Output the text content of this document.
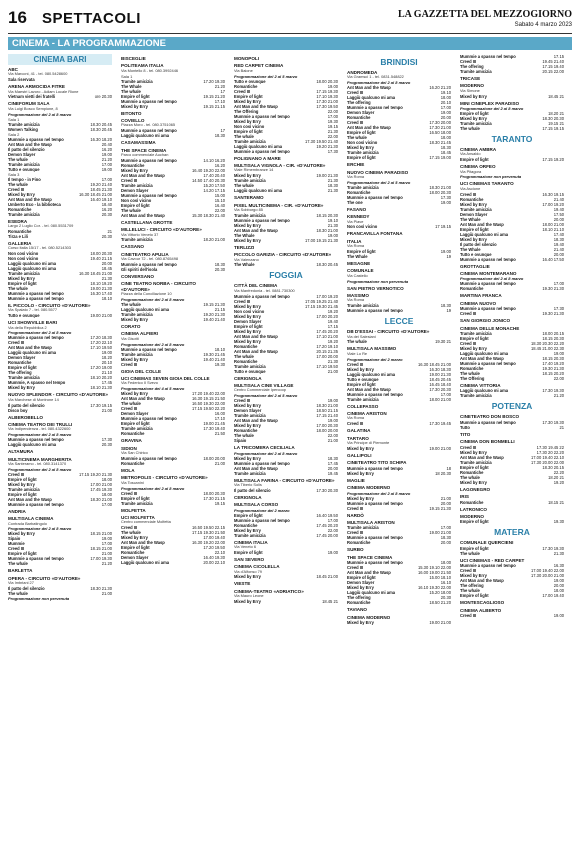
16 SPETTACOLI	LA GAZZETTA DEL MEZZOGIORNO
Sabato 4 marzo 2023
CINEMA - LA PROGRAMMAZIONE
CINEMA BARI
ABC
Via Marconi, 41 - tel. 080.5428600
Sala riservata
ARENA ARMOCIDA FITRE
Via Maestri Lavoro - Adiam Locale Rione
Vietnam vietti dei fratelli	ore 20.30
CINEFORUM SALA
Via Luigi Bosco Sempione, 8
Programmazione del 2 al 8 marzo
Sala 1
Tramite amicizia	18.30 20.45
Women Talking	18.30 20.45
Sala 2
Mummie a spasso nel tempo	16.30 18.20
Ant Man and the Wasp	20.40
Il patto del silenzio	16.20
Demon Slayer	19.00
The whale	21.20
Tramite amicizia	17.00
Tutto e ovunque	19.00
Sala 3
Il tempo - in Fino	17.00
The whale	19.20 21.40
Creed III	18.45 21.30
Mixed by Erry	16.30 18.45 21.00
Ant Man and the Wasp	16.40 19.10
Umberto Eco - la biblioteca	18.40
Romantiche	16.20
Tramite amicizia	20.30
ESEDRA
Largo 2 Luglio Cor. - tel. 080.5531709
Romantiche	21
Tirza e Lili	20.30
GALLERIA
Corso Italia 15/17 - tel. 080.5214303
Non così vicino	18.00 20.30
Non così vicino	19.40 21.15
Laggiù qualcuno mi ama	20.00
Laggiù qualcuno mi ama	18.45
Tramite amicizia	16.30 18.45 21.00
Mixed by Erry	21.30
Empire of light	18.10 19.20
The whale	19.00 21.30
Mummie a spasso nel tempo	16.30 17.40
Mummie a spasso nel tempo	18.10
IL PICCOLO - CIRCUITO «D'AUTORE»
Via Spalato 7 - tel. 080.5577
Tutto e ovunque	19.00 21.00
UCI SHOWVILLE BARI
Via della Repubblica 2
Programmazione del 2 al 8 marzo
Mummie a spasso nel tempo	17.20 18.30
Creed III	17.20 22.10
Ant Man and the Wasp	17.10 19.50
Laggiù qualcuno mi ama	19.00
Demon Slayer	18.20
Romantiche	20.10
Empire of light	17.20 19.00
The offering	21.10
Tramite amicizia	18.10 20.20
Mummie, A spasso nel tempo	17.45
Mixed by Erry	18.10 21.30
NUOVO SPLENDOR - CIRCUITO «D'AUTORE»
Via Marchese di Montrone 14
Il patto del silenzio	17.30 19.15
Disco boy	21.00
ALBEROBELLO
CINEMA TEATRO DEI TRULLI
Via Indipendenza - tel. 080.4322600
Programmazione del 2 al 8 marzo
Mummie a spasso nel tempo	17.30
Laggiù qualcuno mi ama	20.30
ALTAMURA
MULTICINEMA MARGHERITA
Via Santeramo - tel. 080.3141370
Programmazione del 2 al 8 marzo
Creed III	17.15 19.20 21.30
Empire of light	18.00
Mixed by Erry	17.00 21.00
Tramite amicizia	17.45 19.30
Empire of light	18.00
Ant Man and the Wasp	18.30 21.00
Mummie a spasso nel tempo	17.00
ANDRIA
MULTISALA CINEMA
Contrada Barbatingolo
Programmazione del 2 al 8 marzo
Mixed by Erry	18.15 21.00
Sipaio	19.00
Mummie	17.00
Creed III	18.15 21.00
Empire of light	21.00
Mummie a spasso nel tempo	17.00 19.30
The whale	21.20
BARLETTA
OPERA - CIRCUITO «D'AUTORE»
Via Imbriani 27
Il patto del silenzio	18.30 21.30
The whale	21.00
Programmazione non pervenuta
BISCEGLIE
POLITEAMA ITALIA
Via Montello 8 - tel. 080.3992446
Sala 1
Tramite amicizia	17.20 19.30
The Whale	21.20
The whale	17
Empire of light	19.15 21.20
Mummie a spasso nel tempo	17.10
Mixed by Erry	19.15 21.15
BITONTO
COVIELLO
Piazza Moro - tel. 080.3751065
Mummie a spasso nel tempo	17
Laggiù qualcuno mi ama	18.30
CASAMASSIMA
THE SPACE CINEMA
Parco commerciale Auchan
Mummie a spasso nel tempo	14.10 16.20
Romantiche	16.20
Mixed by Erry	16.40 19.20 22.00
Ant Man and the Wasp	17.40 20.40
Creed III	14.50 17.40 20.30
Tramite amicizia	15.20 17.50
Demon Slayer	14.20 17.15
Mummie a spasso nel tempo	15.00
Non così vicino	15.10
Empire of light	16.40
The whale	22.00
Ant Man and the Wasp	15.30 18.30 21.40
CASTELLANA GROTTE
MILLELUCI - CIRCUITO «D'AUTORE»
Via Vittorio Veneto 37
Tramite amicizia	18.20 21.00
CASSANO
CINETEATRO APULIA
Via Cavour 72 - tel. 080.8765498
Mummie a spasso nel tempo	18.30
Gli spiriti dell'isola	20.30
CONVERSANO
CINE TEATRO NORBA - CIRCUITO «D'AUTORE»
Piazza della Conciliazione 10
Programmazione del 2 al 8 marzo
The whale	19.15 21.30
Laggiù qualcuno mi ama	21.15
Tramite amicizia	19.20 21.30
Mixed by Erry	19.40 21.40
CORATO
CINEMA ALFIERI
Via Gisotti
Programmazione del 2 al 8 marzo
Mummie a spasso nel tempo	18.10
Tramite amicizia	19.30 21.45
Mixed by Erry	19.40 21.40
Creed III	19.30
GIOIA DEL COLLE
UCI CINEMAS SEVEN GIOIA DEL COLLE
Via Federico II Svevo
Programmazione del 4 al 5 marzo
Mixed by Erry	17.20 19.40 22.00
Ant Man and the Wasp	16.30 19.15 21.50
The whale	16.50 19.30 22.00
Creed III	17.15 19.50 22.20
Demon Slayer	16.00
Mummie a spasso nel tempo	17.10
Empire of light	19.00 21.45
Tramite amicizia	17.30 19.40
Romantiche	21.50
GRAVINA
SIDION
Via San Chirico
Mummie a spasso nel tempo	18.00 20.00
Romantiche	21.00
MOLA
METROPOLIS - CIRCUITO «D'AUTORE»
Via Toscanini
Programmazione del 2 al 8 marzo
Creed III	18.00 20.30
Empire of light	17.30 21.15
Tramite amicizia	19.15
MOLFETTA
UCI MOLFETTA
Centro commerciale Molfetta
Creed III	16.50 19.50 22.15
The whale	17.15 19.30 21.50
Mixed by Erry	17.00 19.40
Ant Man and the Wasp	16.30 19.20 22.00
Empire of light	17.20 19.50
Romantiche	22.10
Demon Slayer	16.40 19.30
Laggiù qualcuno mi ama	20.00 22.10
MONOPOLI
RED CARPET CINEMA
Via Baione
Programmazione del 2 al 5 marzo
Tutto e ovunque	18.00 20.30
Romantiche	19.00
Creed III	17.15 19.30
Empire of light	17.10 19.30
Mixed by Erry	17.30 21.00
Ant Man and the Wasp	17.30 19.50
The Offering	22.00
Mummie a spasso nel tempo	17.00
Mixed by Erry	19.30
Non così vicino	19.15
Empire of light	21.30
The whale	22.00
Tramite amicizia	17.30 19.50 21.40
Laggiù qualcuno mi ama	19.20 21.30
Mummie a spasso nel tempo	17.30
POLIGNANO A MARE
MULTISALA VIGNOLA - CIR. «D'AUTORE»
Viale Rimembranze 14
Mixed by Erry	19.00 21.30
Tramite amicizia	21.30
The whale	18.30
Laggiù qualcuno mi ama	21.30
SANTERAMO
PIXEL MULTICINEMA - CIR. «D'AUTORE»
Via Sobborgo 85
Tramite amicizia	18.15 20.30
Mummie a spasso nel tempo	19.10
Mixed by Erry	21.30
Ant Man and the Wasp	18.30 21.00
The Whale	19.00
Mixed by Erry	17.00 19.15 21.30
TERLIZZI
PICCOLO GARIZIA - CIRCUITO «D'AUTORE»
Via Valenzano
The Whale	18.30 20.45
FOGGIA
CITTÀ DEL CINEMA
Via Manfredonia - tel. 0881.730300
Mummie a spasso nel tempo	17.00 19.20
Creed III	17.05 19.25 21.40
Mixed by Erry	17.15 19.30 21.45
Non così vicino	19.20
Mixed by Erry	17.00 20.20
Demon Slayer	19.40
Empire of light	17.15
Mixed by Erry	17.45 20.20
Ant Man and the Wasp	17.10 21.00
Mixed by Erry	19.20
Romantiche	17.20 19.10
Ant Man and the Wasp	20.15 21.35
The whale	17.00 20.00
Romantiche	21.30
Tramite amicizia	17.10 19.50
Tutto e ovunque	21.00
CERIGNOLA
MULTISALA CINE VILLAGE
Centro Commerciale Ipercoop
Programmazione del 2 al 5 marzo
Creed III	19.00
Mixed by Erry	18.30 21.00
Demon Slayer	18.50 21.15
Tramite amicizia	17.15 21.40
Ant Man and the Wasp	19.00
Mixed by Erry	17.00 20.30
Romantiche	18.00 20.00
The whale	22.00
Sipaio	21.00
LA TRICOMERA CECILIALA
Programmazione del 2 al 8 marzo
Mixed by Erry	18.30
Mummie a spasso nel tempo	17.45
Ant Man and the Wasp	20.00
Tramite amicizia	19.45
MULTISALA FARINA - CIRCUITO «D'AUTORE»
Via Tiberio Solis
Il patto del silenzio	17.30 20.30
CERIGNOLA
MULTISALA CORSO
Programmazione del 2 marzo
Empire of light	16.40 19.50
Mummie a spasso nel tempo	17.00
Romantiche	17.45 20.20
Mixed by Erry	22.00
Tramite amicizia	17.45 20.00
CINEMA ITALIA
Via Veneto 6
Empire of light	19.00
SAN SEVERO
CINEMA CICOLELLA
Via d'Alfonso 79
Mixed by Erry	18.45 21.00
VIESTE
CINEMA-TEATRO «ADRIATICO»
Via Mauro Leone
Mixed by Erry	18.45 21
BRINDISI
ANDROMEDA
Via Gramsci 1 - tel. 0831.548822
Programmazione del 2 al 8 marzo
Ant Man and the Wasp	16.20 21.20
Creed III	19.10
Laggiù qualcuno mi ama	18.00
The offering	20.10
Mummie a spasso nel tempo	17.00
Demon Slayer	19.00
Romantiche	20.00
Creed III	17.30 20.00
Ant Man and the Wasp	17.30 21.00
Empire of light	16.50 18.00
The whale	18.00
Non così vicino	18.30 21.45
Mixed by Erry	18.30
Tramite amicizia	18.45
Empire of light	17.15 19.00
ERCHIE
NUOVO CINEMA PARADISO
Via Roma
Programmazione del 2 al 5 marzo
Tramite amicizia	18.30 21.00
Romantiche	18.00 20.30
Mummie a spasso nel tempo	17.30
The one	19.00
FASANO
KENNEDY
Via Piave
Non così vicino	17 19.15
FRANCAVILLA FONTANA
ITALIA
Via Roma
Empire of light	19.00
The Whale	19
MESAGNE
COMUNALE
Via Castello
Programmazione non pervenuta
SAN PIETRO VERNOTICO
MASSIMO
Via Roma
Tramite amicizia	18.30
Mummie a spasso nel tempo	19
LECCE
DB D'ESSAI - CIRCUITO «D'AUTORE»
Via dei Salesiani
The whale	19.30 21
MULTISALA MASSIMO
Viale Lo Re
Programmazione del 2 marzo
Creed III	16.30 18.45 21.00
Mixed by Erry	16.30 18.30
Laggiù qualcuno mi ama	19.00 21.30
Tutto e ovunque	18.45 20.45
Empire of light	16.45 18.40
Ant Man and the Wasp	17.30 20.30
Mummie a spasso nel tempo	17.00
Tramite amicizia	18.00 21.00
COLLEPASSO
CINEMA ARISTON
Via Roma
Creed III	17.30 19.45
GALATINA
TARTARO
Via Principe di Piemonte
Mixed by Erry	19.00 21.00
GALLIPOLI
CINETEATRO TITO SCHIPA
Mummie a spasso nel tempo	18
Mixed by Erry	18 20.30
MAGLIE
CINEMA MODERNO
Programmazione del 2 al 8 marzo
Mixed by Erry	21.00
Mummie a spasso nel tempo	20.00
Creed III	19.15 21.30
NARDÒ
MULTISALA ARISTON
Tramite amicizia	17.00
Creed III	19.00 21.00
Mummie a spasso nel tempo	18.30
Romantiche	20.00
SURBO
THE SPACE CINEMA
Mummie a spasso nel tempo	18.00
Creed III	15.30 19.10 22.00
Ant Man and the Wasp	16.00 19.00 21.50
Empire of light	15.00 18.10
Demon Slayer	16.10
Mixed by Erry	16.10 19.30 22.00
Laggiù qualcuno mi ama	15.20 18.00
The offering	20.30
Romantiche	18.50 21.20
TAVIANO
CINEMA MODERNO
Mixed by Erry	19.00 21.00
Mummie a spasso nel tempo	17.15
Creed III	19.45 21.40
The offering	17.15 19.40
Tramite amicizia	20.15 22.00
TRICASE
MODERNO
Via Simone
Mixed by Erry	18.45 21
MINI CINEPLEX PARADISO
Programmazione del 2 al 8 marzo
Empire of light	18.20 21
Mixed by Erry	18.30 20.30
Tramite amicizia	19.15 21
The whale	17.15 19.15
TARANTO
CINEMA AMBRA
Via Ansaldo
Empire of light	17.15 19.20
CINEMA ORFEO
Via Pitagora
Programmazione non pervenuta
UCI CINEMAS TARANTO
Via Ascione
Creed III	16.30 19.15
Romantiche	21.40
Mixed by Erry	17.00 19.20
Tramite amicizia	19.40
Demon Slayer	17.50
The Whale	20.00
Ant Man and the Wasp	18.00 21.00
Empire of light	18.10 21.10
Laggiù qualcuno mi ama	17.40
Mixed by Erry	18.30
Il patto del silenzio	19.40
The Whale	21.40
Tutto e ovunque	20.00
Mummie a spasso nel tempo	16.40 17.50
GROTTAGLIE
CINEMA MONTEMARANO
Programmazione del 2 al 8 marzo
Mummie a spasso nel tempo	17.00
Romantiche	19.30 21.30
MARTINA FRANCA
CINEMA NUOVO
Mummie a spasso nel tempo	17.30
Creed III	19.30 21.30
SAN GIORGIO JONICO
CINEMA DELLE MONACHE
Tramite amicizia	18.00 20.15
Empire of light	18.15 20.30
Creed III	18.30 20.30 22.20
Mixed by Erry	18.45 21.00 22.30
Laggiù qualcuno mi ama	19.00
Ant Man and the Wasp	18.15 20.30
Mummie a spasso nel tempo	17.40 19.20
Romantiche	19.30 21.30
The whale	18.15 20.20
The Offering	22.00
CINEMA VITTORIA
Laggiù qualcuno mi ama	17.30 19.30
Tramite amicizia	21.20
POTENZA
CINETEATRO DON BOSCO
Mummie a spasso nel tempo	17.30 19.30
Tutto	21
TITO
CINEMA DON BONMELLI
Creed III	17.30 19.45 22
Mixed by Erry	17.30 20 22.20
Ant Man and the Wasp	17.00 19.40 22.10
Tramite amicizia	17.30 20.00 22.00
Empire of light	18.30 20.15
Romantiche	22.20
The whale	18.20 21
Mixed by Erry	19.20
LAGONEGRO
IRIS
Romantiche	18.15 21
LATRONICO
MODERNO
Empire of light	19.30
MATERA
COMUNALE QUERCIENI
Empire of light	17.30 19.30
The whale	21.30
UCI CINEMAS - RED CARPET
Mummie a spasso nel tempo	16.30
Creed III	17.00 19.40 22.00
Mixed by Erry	17.30 20.00 21.00
Ant Man and the Wasp	19.00
The offering	20.00
The whale	18.00
Empire of light	17.00 19.40
MONTESCAGLIOSO
CINEMA ALBERTO
Creed III	19.00
